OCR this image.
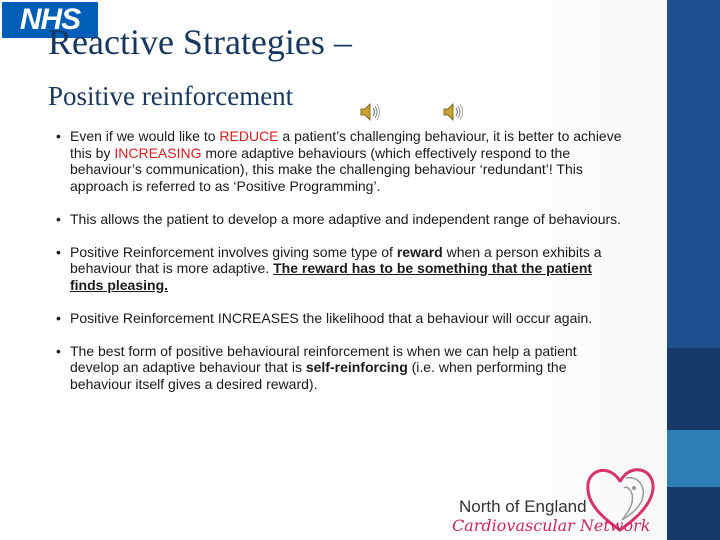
NHS
Reactive Strategies –
Positive reinforcement
• Even if we would like to REDUCE a patient’s challenging behaviour, it is better to achieve this by INCREASING more adaptive behaviours (which effectively respond to the behaviour’s communication), this make the challenging behaviour ‘redundant’! This approach is referred to as ‘Positive Programming’.
• This allows the patient to develop a more adaptive and independent range of behaviours.
• Positive Reinforcement involves giving some type of reward when a person exhibits a behaviour that is more adaptive. The reward has to be something that the patient finds pleasing.
• Positive Reinforcement INCREASES the likelihood that a behaviour will occur again.
• The best form of positive behavioural reinforcement is when we can help a patient develop an adaptive behaviour that is self-reinforcing (i.e. when performing the behaviour itself gives a desired reward).
North of England
Cardiovascular Network
